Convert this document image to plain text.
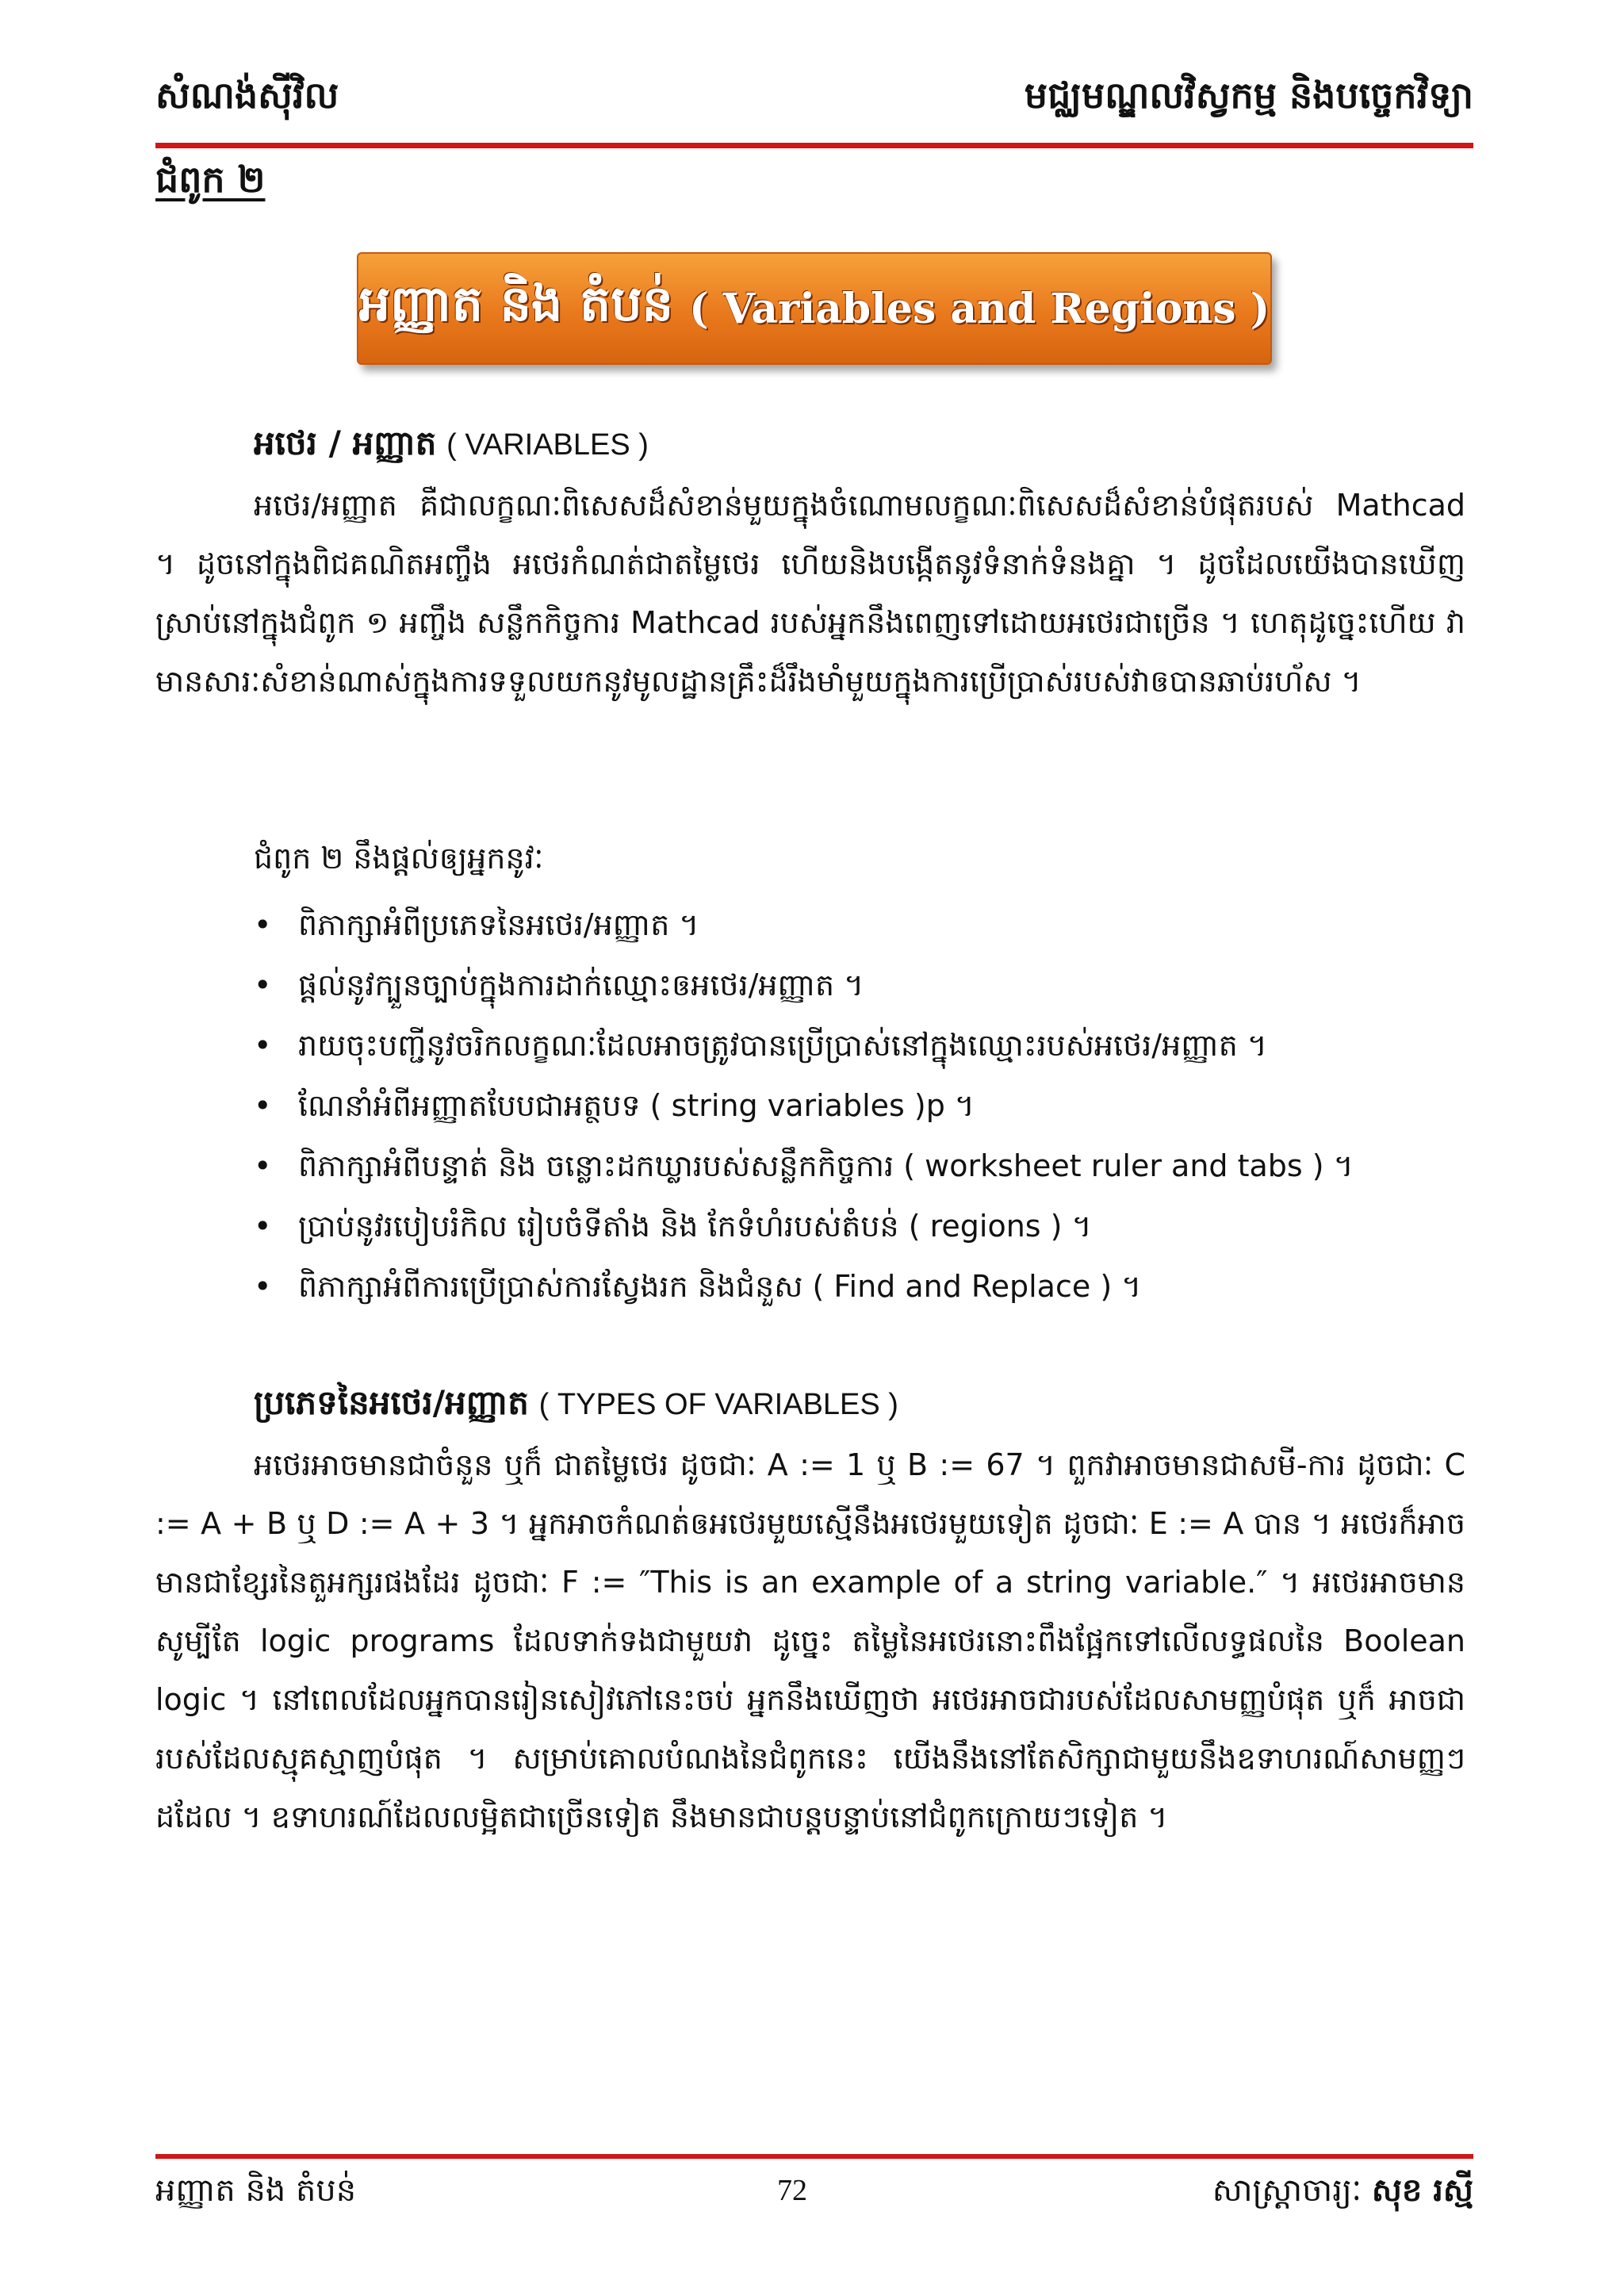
សំណង់ស៊ីវិល	មជ្ឈមណ្ឌលវិស្វកម្ម និងបច្ចេកវិទ្យា
ជំពូក ២
អញ្ញាត និង តំបន់ ( Variables and Regions )
អថេរ / អញ្ញាត ( VARIABLES )

អថេរ/អញ្ញាត គឺជាលក្ខណៈពិសេសដ៏សំខាន់មួយក្នុងចំណោមលក្ខណៈពិសេសដ៏សំខាន់បំផុតរបស់ Mathcad ។ ដូចនៅក្នុងពិជគណិតអញ្ចឹង អថេរកំណត់ជាតម្លៃថេរ ហើយនិងបង្កើតនូវទំនាក់ទំនងគ្នា ។ ដូចដែលយើងបានឃើញស្រាប់នៅក្នុងជំពូក ១ អញ្ចឹង សន្លឹកកិច្ចការ Mathcad របស់អ្នកនឹងពេញទៅដោយអថេរជាច្រើន ។ ហេតុដូច្នេះហើយ វាមានសារៈសំខាន់ណាស់ក្នុងការទទួលយកនូវមូលដ្ឋានគ្រឹះដ៏រឹងមាំមួយក្នុងការប្រើប្រាស់របស់វាឲបានឆាប់រហ័ស ។

ជំពូក ២ នឹងផ្តល់ឲ្យអ្នកនូវៈ
• ពិភាក្សាអំពីប្រភេទនៃអថេរ/អញ្ញាត ។
• ផ្តល់នូវក្បួនច្បាប់ក្នុងការដាក់ឈ្មោះឲអថេរ/អញ្ញាត ។
• រាយចុះបញ្ជីនូវចរិកលក្ខណៈដែលអាចត្រូវបានប្រើប្រាស់នៅក្នុងឈ្មោះរបស់អថេរ/អញ្ញាត ។
• ណែនាំអំពីអញ្ញាតបែបជាអត្ថបទ ( string variables )p ។
• ពិភាក្សាអំពីបន្ទាត់ និង ចន្លោះដកឃ្លារបស់សន្លឹកកិច្ចការ ( worksheet ruler and tabs ) ។
• ប្រាប់នូវរបៀបរំកិល រៀបចំទីតាំង និង កែទំហំរបស់តំបន់ ( regions ) ។
• ពិភាក្សាអំពីការប្រើប្រាស់ការស្វែងរក និងជំនួស ( Find and Replace ) ។
ប្រភេទនៃអថេរ/អញ្ញាត ( TYPES OF VARIABLES )

អថេរអាចមានជាចំនួន ឬក៏ ជាតម្លៃថេរ ដូចជាៈ A := 1 ឬ B := 67 ។ ពួកវាអាចមានជាសមី-ការ ដូចជាៈ C := A + B ឬ D := A + 3 ។ អ្នកអាចកំណត់ឲអថេរមួយស្មើនឹងអថេរមួយទៀត ដូចជាៈ E := A បាន ។ អថេរក៏អាចមានជាខ្សែរនៃតួអក្សរផងដែរ ដូចជាៈ F := ″This is an example of a string variable.″ ។ អថេរអាចមានសូម្បីតែ logic programs ដែលទាក់ទងជាមួយវា ដូច្នេះ តម្លៃនៃអថេរនោះពឹងផ្អែកទៅលើលទ្ធផលនៃ Boolean logic ។ នៅពេលដែលអ្នកបានរៀនសៀវភៅនេះចប់ អ្នកនឹងឃើញថា អថេរអាចជារបស់ដែលសាមញ្ញបំផុត ឬក៏ អាចជារបស់ដែលស្មុគស្មាញបំផុត ។ សម្រាប់គោលបំណងនៃជំពូកនេះ យើងនឹងនៅតែសិក្សាជាមួយនឹងឧទាហរណ៍សាមញ្ញៗដដែល ។ ឧទាហរណ៍ដែលលម្អិតជាច្រើនទៀត នឹងមានជាបន្តបន្ទាប់នៅជំពូកក្រោយៗទៀត ។

អញ្ញាត និង តំបន់	72	សាស្ត្រាចារ្យៈ សុខ រស្មី
